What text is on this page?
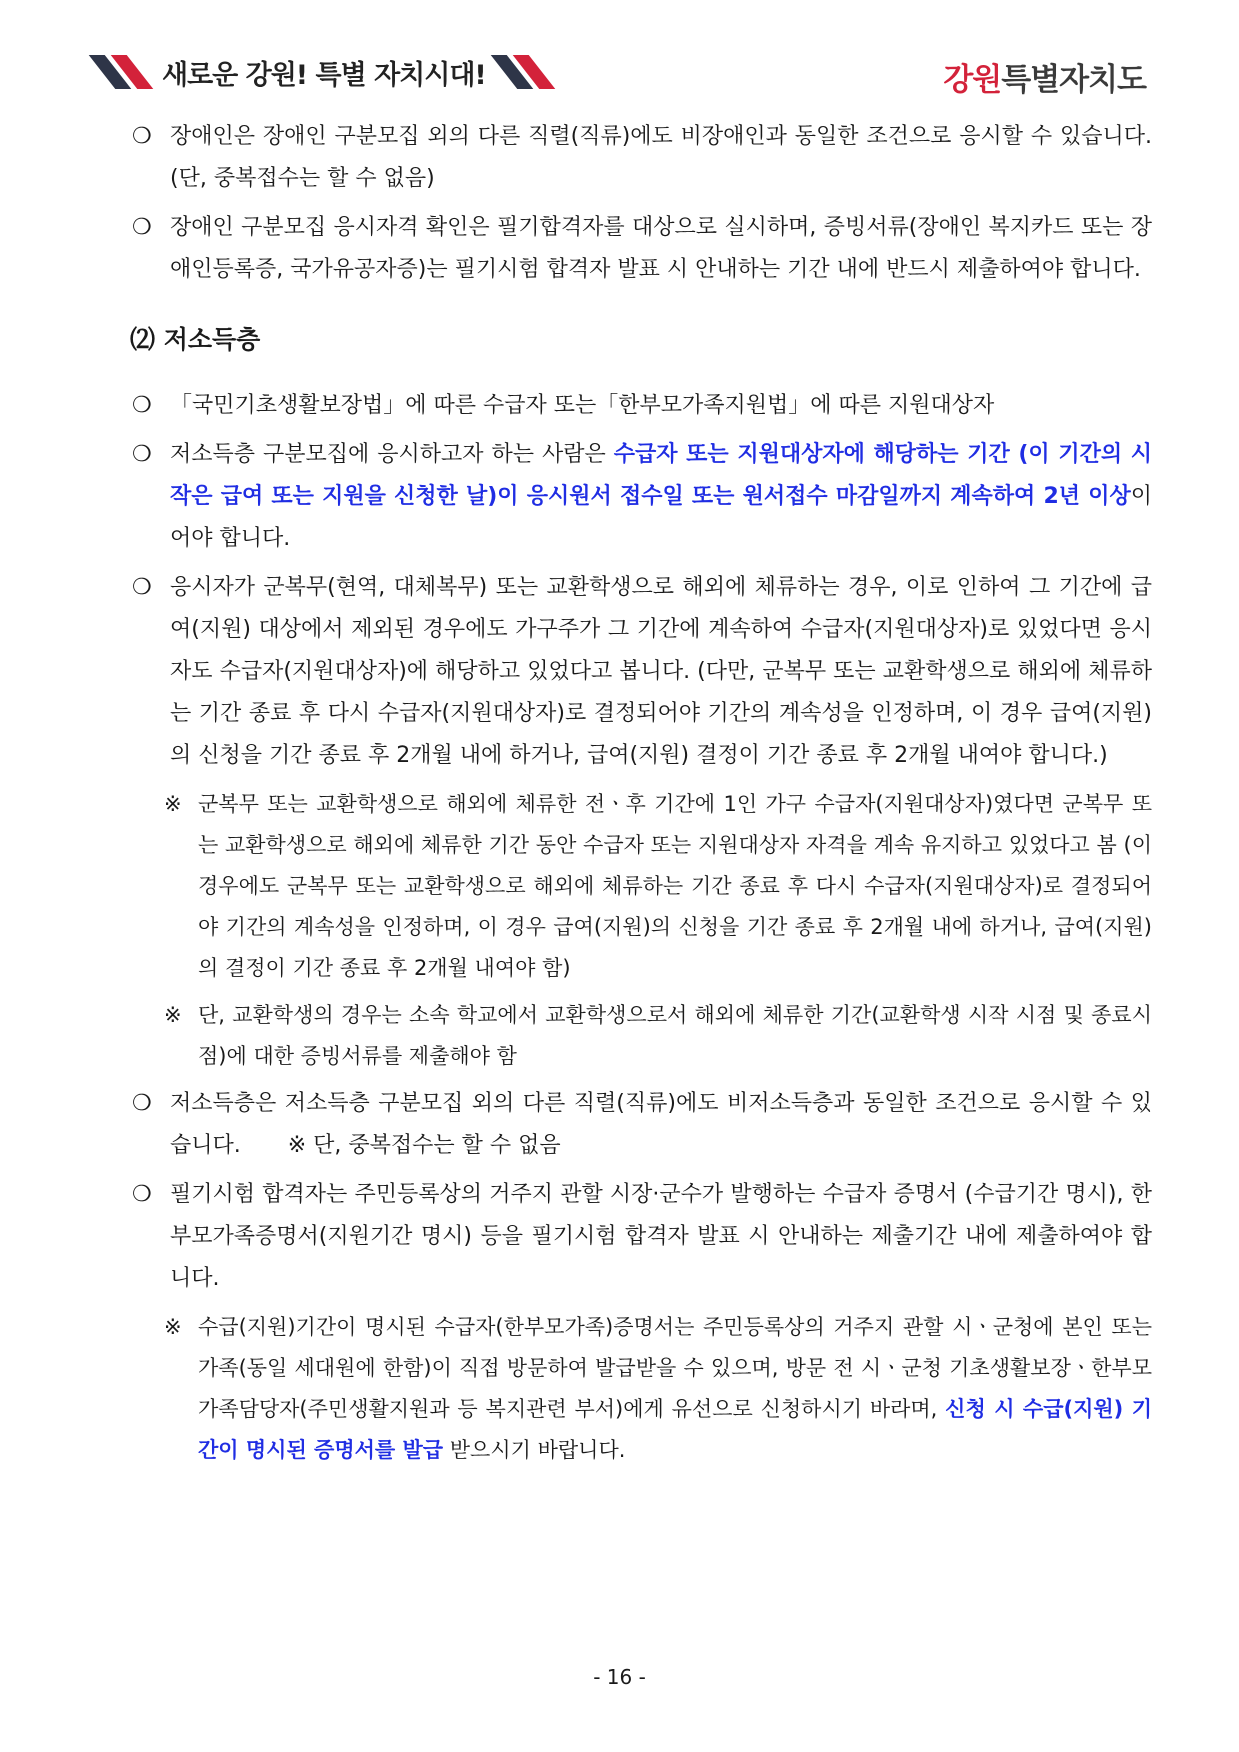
새로운 강원! 특별 자치시대!	강원특별자치도
❍ 장애인은 장애인 구분모집 외의 다른 직렬(직류)에도 비장애인과 동일한 조건으로 응시할 수 있습니다. (단, 중복접수는 할 수 없음)
❍ 장애인 구분모집 응시자격 확인은 필기합격자를 대상으로 실시하며, 증빙서류(장애인 복지카드 또는 장애인등록증, 국가유공자증)는 필기시험 합격자 발표 시 안내하는 기간 내에 반드시 제출하여야 합니다.
⑵ 저소득층
❍ 「국민기초생활보장법」에 따른 수급자 또는「한부모가족지원법」에 따른 지원대상자
❍ 저소득층 구분모집에 응시하고자 하는 사람은 수급자 또는 지원대상자에 해당하는 기간 (이 기간의 시작은 급여 또는 지원을 신청한 날)이 응시원서 접수일 또는 원서접수 마감일까지 계속하여 2년 이상이어야 합니다.
❍ 응시자가 군복무(현역, 대체복무) 또는 교환학생으로 해외에 체류하는 경우, 이로 인하여 그 기간에 급여(지원) 대상에서 제외된 경우에도 가구주가 그 기간에 계속하여 수급자(지원대상자)로 있었다면 응시자도 수급자(지원대상자)에 해당하고 있었다고 봅니다. (다만, 군복무 또는 교환학생으로 해외에 체류하는 기간 종료 후 다시 수급자(지원대상자)로 결정되어야 기간의 계속성을 인정하며, 이 경우 급여(지원)의 신청을 기간 종료 후 2개월 내에 하거나, 급여(지원) 결정이 기간 종료 후 2개월 내여야 합니다.)
※ 군복무 또는 교환학생으로 해외에 체류한 전ㆍ후 기간에 1인 가구 수급자(지원대상자)였다면 군복무 또는 교환학생으로 해외에 체류한 기간 동안 수급자 또는 지원대상자 자격을 계속 유지하고 있었다고 봄 (이 경우에도 군복무 또는 교환학생으로 해외에 체류하는 기간 종료 후 다시 수급자(지원대상자)로 결정되어야 기간의 계속성을 인정하며, 이 경우 급여(지원)의 신청을 기간 종료 후 2개월 내에 하거나, 급여(지원)의 결정이 기간 종료 후 2개월 내여야 함)
※ 단, 교환학생의 경우는 소속 학교에서 교환학생으로서 해외에 체류한 기간(교환학생 시작 시점 및 종료시점)에 대한 증빙서류를 제출해야 함
❍ 저소득층은 저소득층 구분모집 외의 다른 직렬(직류)에도 비저소득층과 동일한 조건으로 응시할 수 있습니다. ※ 단, 중복접수는 할 수 없음
❍ 필기시험 합격자는 주민등록상의 거주지 관할 시장·군수가 발행하는 수급자 증명서 (수급기간 명시), 한부모가족증명서(지원기간 명시) 등을 필기시험 합격자 발표 시 안내하는 제출기간 내에 제출하여야 합니다.
※ 수급(지원)기간이 명시된 수급자(한부모가족)증명서는 주민등록상의 거주지 관할 시ㆍ군청에 본인 또는 가족(동일 세대원에 한함)이 직접 방문하여 발급받을 수 있으며, 방문 전 시ㆍ군청 기초생활보장ㆍ한부모 가족담당자(주민생활지원과 등 복지관련 부서)에게 유선으로 신청하시기 바라며, 신청 시 수급(지원) 기간이 명시된 증명서를 발급 받으시기 바랍니다.
- 16 -
